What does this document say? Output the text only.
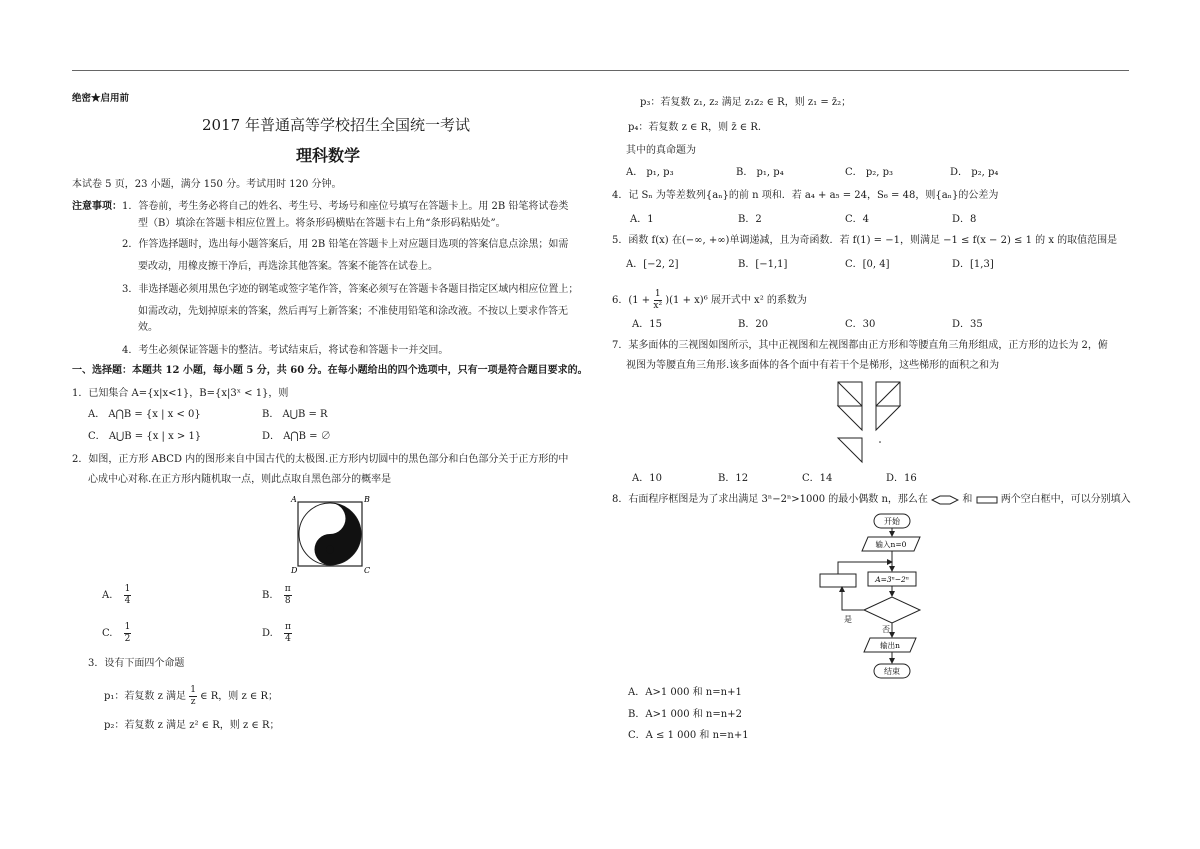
绝密★启用前
2017 年普通高等学校招生全国统一考试
理科数学
本试卷 5 页，23 小题，满分 150 分。考试用时 120 分钟。
注意事项： 1．答卷前，考生务必将自己的姓名、考生号、考场号和座位号填写在答题卡上。用 2B 铅笔将试卷类
型（B）填涂在答题卡相应位置上。将条形码横贴在答题卡右上角“条形码粘贴处”。
2．作答选择题时，选出每小题答案后，用 2B 铅笔在答题卡上对应题目选项的答案信息点涂黑；如需
要改动，用橡皮擦干净后，再选涂其他答案。答案不能答在试卷上。
3．非选择题必须用黑色字迹的钢笔或签字笔作答，答案必须写在答题卡各题目指定区域内相应位置上；
如需改动，先划掉原来的答案，然后再写上新答案；不准使用铅笔和涂改液。不按以上要求作答无
效。
4．考生必须保证答题卡的整洁。考试结束后，将试卷和答题卡一并交回。
一、选择题：本题共 12 小题，每小题 5 分，共 60 分。在每小题给出的四个选项中，只有一项是符合题目要求的。
1．已知集合 A={x|x<1}，B={x|3ˣ < 1}，则
A． A⋂B = {x | x < 0}	B． A⋃B = R
C． A⋃B = {x | x > 1}	D． A⋂B = ∅
2．如图，正方形 ABCD 内的图形来自中国古代的太极图.正方形内切圆中的黑色部分和白色部分关于正方形的中
心成中心对称.在正方形内随机取一点，则此点取自黑色部分的概率是
A	B
D	C
A. $\frac{1}{4}$	B. $\frac{\pi}{8}$
C. $\frac{1}{2}$	D. $\frac{\pi}{4}$
3．设有下面四个命题
p₁：若复数 z 满足 $\frac{1}{z}$ ∈ R，则 z ∈ R；
p₂：若复数 z 满足 z² ∈ R，则 z ∈ R；
p₃：若复数 z₁, z₂ 满足 z₁z₂ ∈ R，则 z₁ = z̄₂；
p₄：若复数 z ∈ R，则 z̄ ∈ R.
其中的真命题为
A． p₁, p₃	B． p₁, p₄	C． p₂, p₃	D． p₂, p₄
4．记 Sₙ 为等差数列{aₙ}的前 n 项和．若 a₄ + a₅ = 24，S₆ = 48，则{aₙ}的公差为
A．1	B．2	C．4	D．8
5．函数 f(x) 在(−∞, +∞)单调递减，且为奇函数．若 f(1) = −1，则满足 −1 ≤ f(x − 2) ≤ 1 的 x 的取值范围是
A．[−2, 2]	B．[−1,1]	C．[0, 4]	D．[1,3]
6．$(1 + \frac{1}{\text{x²}} )(1 + x)^6$ 展开式中 x² 的系数为
A．15	B．20	C．30	D．35
7．某多面体的三视图如图所示，其中正视图和左视图都由正方形和等腰直角三角形组成，正方形的边长为 2，俯
视图为等腰直角三角形.该多面体的各个面中有若干个是梯形，这些梯形的面积之和为
A．10	B．12	C．14	D．16
8．右面程序框图是为了求出满足 3ⁿ−2ⁿ>1000 的最小偶数 n，那么在	和	两个空白框中，可以分别填入
开始
输入n=0
A=3ⁿ−2ⁿ
是
否
输出n
结束
A．A>1 000 和 n=n+1
B．A>1 000 和 n=n+2
C．A ≤ 1 000 和 n=n+1
